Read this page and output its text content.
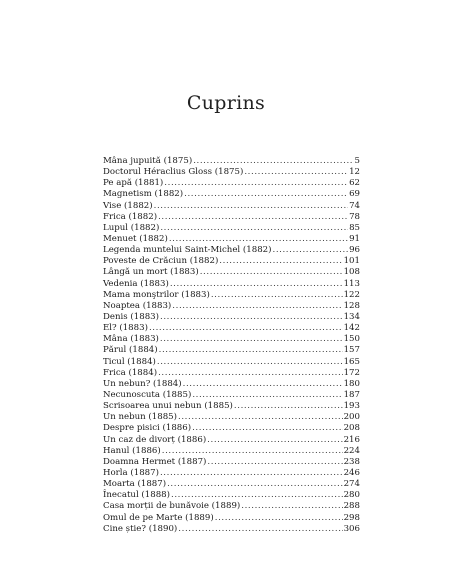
Cuprins
Mâna jupuită (1875) .....	5
Doctorul Héraclius Gloss (1875) .....	12
Pe apă (1881) .....	62
Magnetism (1882) .....	69
Vise (1882) .....	74
Frica (1882) .....	78
Lupul (1882) .....	85
Menuet (1882) .....	91
Legenda muntelui Saint-Michel (1882) .....	96
Poveste de Crăciun (1882) .....	101
Lângă un mort (1883) .....	108
Vedenia (1883) .....	113
Mama monştrilor (1883) .....	122
Noaptea (1883) .....	128
Denis (1883) .....	134
El? (1883) .....	142
Mâna (1883) .....	150
Părul (1884) .....	157
Ticul (1884) .....	165
Frica (1884) .....	172
Un nebun? (1884) .....	180
Necunoscuta (1885) .....	187
Scrisoarea unui nebun (1885) .....	193
Un nebun (1885) .....	200
Despre pisici (1886) .....	208
Un caz de divorț (1886) .....	216
Hanul (1886) .....	224
Doamna Hermet (1887) .....	238
Horla (1887) .....	246
Moarta (1887) .....	274
Înecatul (1888) .....	280
Casa morții de bunăvoie (1889) .....	288
Omul de pe Marte (1889) .....	298
Cine știe? (1890) .....	306
